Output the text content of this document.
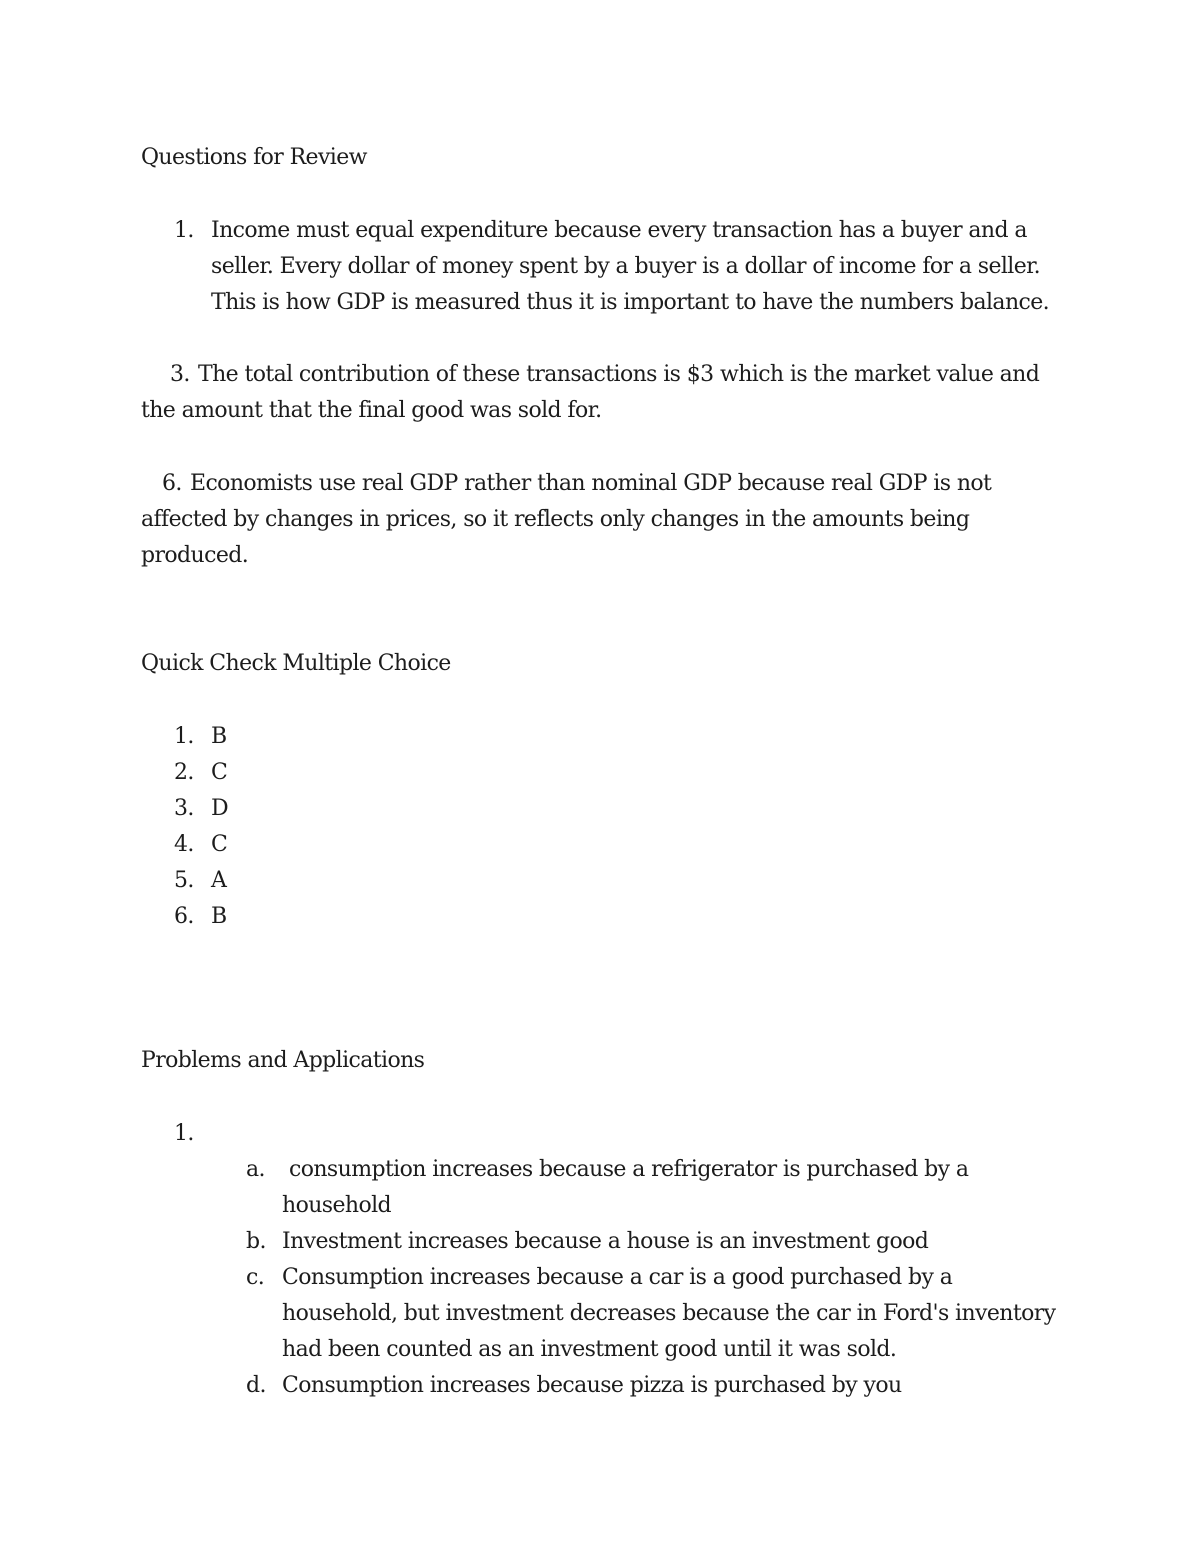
Questions for Review
1. Income must equal expenditure because every transaction has a buyer and a
seller. Every dollar of money spent by a buyer is a dollar of income for a seller.
This is how GDP is measured thus it is important to have the numbers balance.
3. The total contribution of these transactions is $3 which is the market value and
the amount that the final good was sold for.
6. Economists use real GDP rather than nominal GDP because real GDP is not
affected by changes in prices, so it reflects only changes in the amounts being
produced.
Quick Check Multiple Choice
1. B
2. C
3. D
4. C
5. A
6. B
Problems and Applications
1.
a. consumption increases because a refrigerator is purchased by a
household
b. Investment increases because a house is an investment good
c. Consumption increases because a car is a good purchased by a
household, but investment decreases because the car in Ford's inventory
had been counted as an investment good until it was sold.
d. Consumption increases because pizza is purchased by you
